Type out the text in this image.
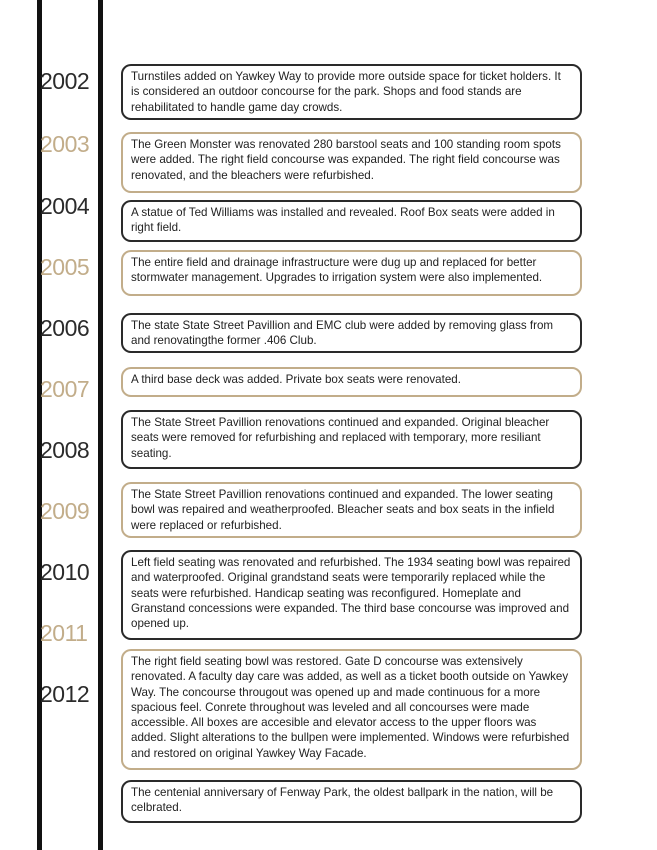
2002
2003
2004
2005
2006
2007
2008
2009
2010
2011
2012
Turnstiles added on Yawkey Way to provide more outside space for ticket holders. It is considered an outdoor concourse for the park. Shops and food stands are rehabilitated to handle game day crowds.
The Green Monster was renovated 280 barstool seats and 100 standing room spots were added. The right field concourse was expanded. The right field concourse was renovated, and the bleachers were refurbished.
A statue of Ted Williams was installed and revealed. Roof Box seats were added in right field.
The entire field and drainage infrastructure were dug up and replaced for better stormwater management. Upgrades to irrigation system were also implemented.
The state State Street Pavillion and EMC club were added by removing glass from and renovatingthe former .406 Club.
A third base deck was added. Private box seats were renovated.
The State Street Pavillion renovations continued and expanded. Original bleacher seats were removed for refurbishing and replaced with temporary, more resiliant seating.
The State Street Pavillion renovations continued and expanded. The lower seating bowl was repaired and weatherproofed. Bleacher seats and box seats in the infield were replaced or refurbished.
Left field seating was renovated and refurbished. The 1934 seating bowl was repaired and waterproofed. Original grandstand seats were temporarily replaced while the seats were refurbished. Handicap seating was reconfigured. Homeplate and Granstand concessions were expanded. The third base concourse was improved and opened up.
The right field seating bowl was restored. Gate D concourse was extensively renovated. A faculty day care was added, as well as a ticket booth outside on Yawkey Way. The concourse througout was opened up and made continuous for a more spacious feel. Conrete throughout was leveled and all concourses were made accessible. All boxes are accesible and elevator access to the upper floors was added. Slight alterations to the bullpen were implemented. Windows were refurbished and restored on original Yawkey Way Facade.
The centenial anniversary of Fenway Park, the oldest ballpark in the nation, will be celbrated.
